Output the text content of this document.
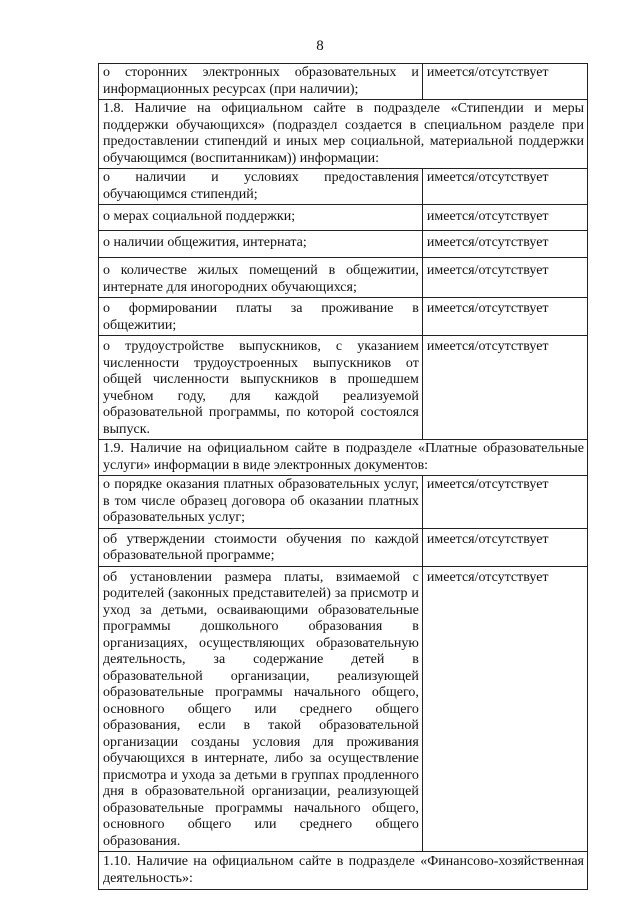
8
о сторонних электронных образовательных и информационных ресурсах (при наличии);	имеется/отсутствует
1.8. Наличие на официальном сайте в подразделе «Стипендии и меры поддержки обучающихся» (подраздел создается в специальном разделе при предоставлении стипендий и иных мер социальной, материальной поддержки обучающимся (воспитанникам)) информации:	
о наличии и условиях предоставления обучающимся стипендий;	имеется/отсутствует
о мерах социальной поддержки;	имеется/отсутствует
о наличии общежития, интерната;	имеется/отсутствует
о количестве жилых помещений в общежитии, интернате для иногородних обучающихся;	имеется/отсутствует
о формировании платы за проживание в общежитии;	имеется/отсутствует
о трудоустройстве выпускников, с указанием численности трудоустроенных выпускников от общей численности выпускников в прошедшем учебном году, для каждой реализуемой образовательной программы, по которой состоялся выпуск.	имеется/отсутствует
1.9. Наличие на официальном сайте в подразделе «Платные образовательные услуги» информации в виде электронных документов:	
о порядке оказания платных образовательных услуг, в том числе образец договора об оказании платных образовательных услуг;	имеется/отсутствует
об утверждении стоимости обучения по каждой образовательной программе;	имеется/отсутствует
об установлении размера платы, взимаемой с родителей (законных представителей) за присмотр и уход за детьми, осваивающими образовательные программы дошкольного образования в организациях, осуществляющих образовательную деятельность, за содержание детей в образовательной организации, реализующей образовательные программы начального общего, основного общего или среднего общего образования, если в такой образовательной организации созданы условия для проживания обучающихся в интернате, либо за осуществление присмотра и ухода за детьми в группах продленного дня в образовательной организации, реализующей образовательные программы начального общего, основного общего или среднего общего образования.	имеется/отсутствует
1.10. Наличие на официальном сайте в подразделе «Финансово-хозяйственная деятельность»:	
